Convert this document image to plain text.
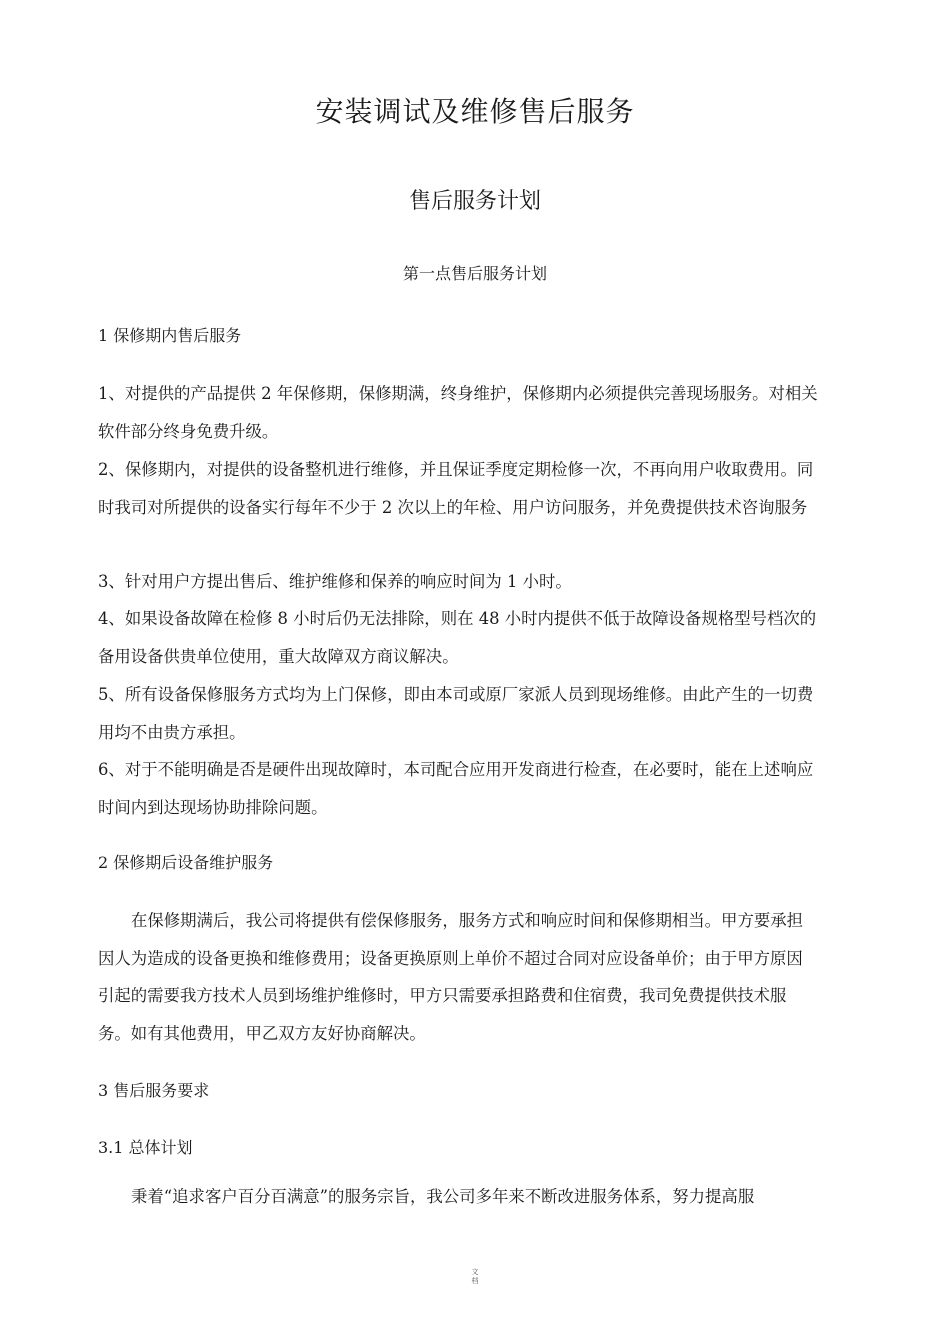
安装调试及维修售后服务
售后服务计划
第一点售后服务计划
1 保修期内售后服务

1、对提供的产品提供 2 年保修期，保修期满，终身维护，保修期内必须提供完善现场服务。对相关软件部分终身免费升级。

2、保修期内，对提供的设备整机进行维修，并且保证季度定期检修一次，不再向用户收取费用。同时我司对所提供的设备实行每年不少于 2 次以上的年检、用户访问服务，并免费提供技术咨询服务

3、针对用户方提出售后、维护维修和保养的响应时间为 1 小时。

4、如果设备故障在检修 8 小时后仍无法排除，则在 48 小时内提供不低于故障设备规格型号档次的备用设备供贵单位使用，重大故障双方商议解决。

5、所有设备保修服务方式均为上门保修，即由本司或原厂家派人员到现场维修。由此产生的一切费用均不由贵方承担。

6、对于不能明确是否是硬件出现故障时，本司配合应用开发商进行检查，在必要时，能在上述响应时间内到达现场协助排除问题。

2 保修期后设备维护服务

在保修期满后，我公司将提供有偿保修服务，服务方式和响应时间和保修期相当。甲方要承担因人为造成的设备更换和维修费用；设备更换原则上单价不超过合同对应设备单价；由于甲方原因引起的需要我方技术人员到场维护维修时，甲方只需要承担路费和住宿费，我司免费提供技术服务。如有其他费用，甲乙双方友好协商解决。

3 售后服务要求
3.1 总体计划

秉着“追求客户百分百满意”的服务宗旨，我公司多年来不断改进服务体系，努力提高服

文
档
